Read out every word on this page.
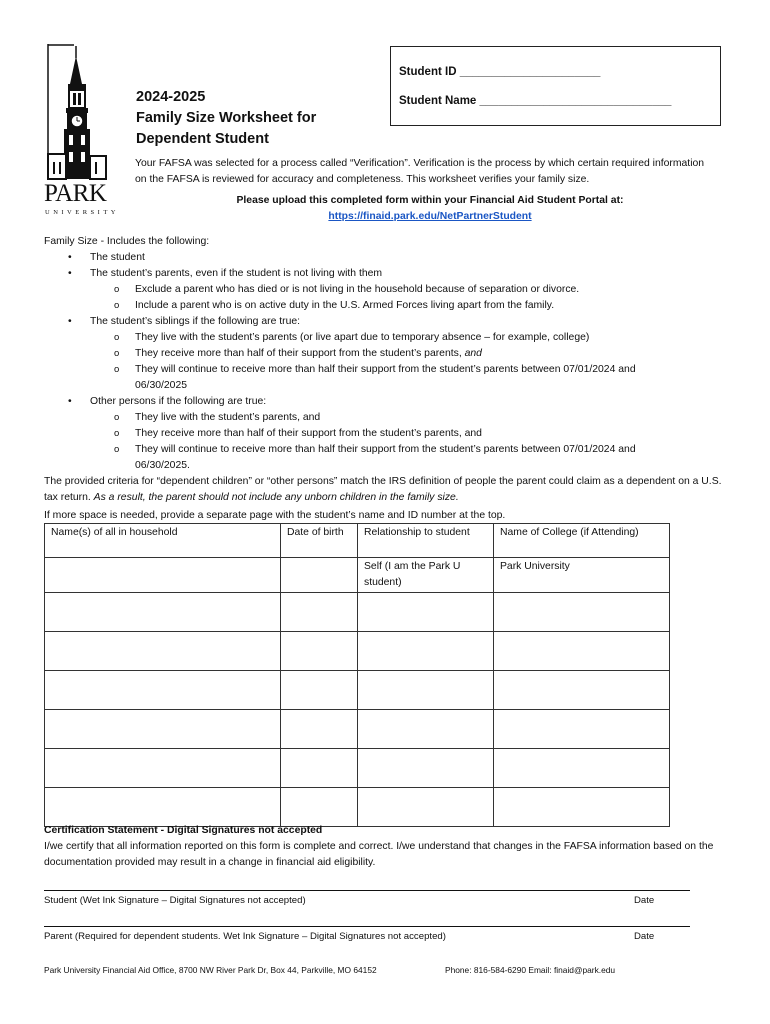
PARK
UNIVERSITY
2024-2025
Family Size Worksheet for
Dependent Student
Student ID ______________________
Student Name ______________________________
Your FAFSA was selected for a process called “Verification”. Verification is the process by which certain required information on the FAFSA is reviewed for accuracy and completeness. This worksheet verifies your family size.
Please upload this completed form within your Financial Aid Student Portal at:
https://finaid.park.edu/NetPartnerStudent
Family Size - Includes the following:
• The student
• The student’s parents, even if the student is not living with them
o Exclude a parent who has died or is not living in the household because of separation or divorce.
o Include a parent who is on active duty in the U.S. Armed Forces living apart from the family.
• The student’s siblings if the following are true:
o They live with the student’s parents (or live apart due to temporary absence – for example, college)
o They receive more than half of their support from the student’s parents, and
o They will continue to receive more than half their support from the student’s parents between 07/01/2024 and
06/30/2025
• Other persons if the following are true:
o They live with the student’s parents, and
o They receive more than half of their support from the student’s parents, and
o They will continue to receive more than half their support from the student’s parents between 07/01/2024 and
06/30/2025.
The provided criteria for “dependent children” or “other persons” match the IRS definition of people the parent could claim as a dependent on a U.S. tax return. As a result, the parent should not include any unborn children in the family size.
If more space is needed, provide a separate page with the student’s name and ID number at the top.
Name(s) of all in household	Date of birth	Relationship to student	Name of College (if Attending)
		Self (I am the Park U student)	Park University

Certification Statement - Digital Signatures not accepted
I/we certify that all information reported on this form is complete and correct. I/we understand that changes in the FAFSA information based on the documentation provided may result in a change in financial aid eligibility.
Student (Wet Ink Signature – Digital Signatures not accepted)	Date
Parent (Required for dependent students. Wet Ink Signature – Digital Signatures not accepted)	Date
Park University Financial Aid Office, 8700 NW River Park Dr, Box 44, Parkville, MO 64152	Phone: 816-584-6290 Email: finaid@park.edu
